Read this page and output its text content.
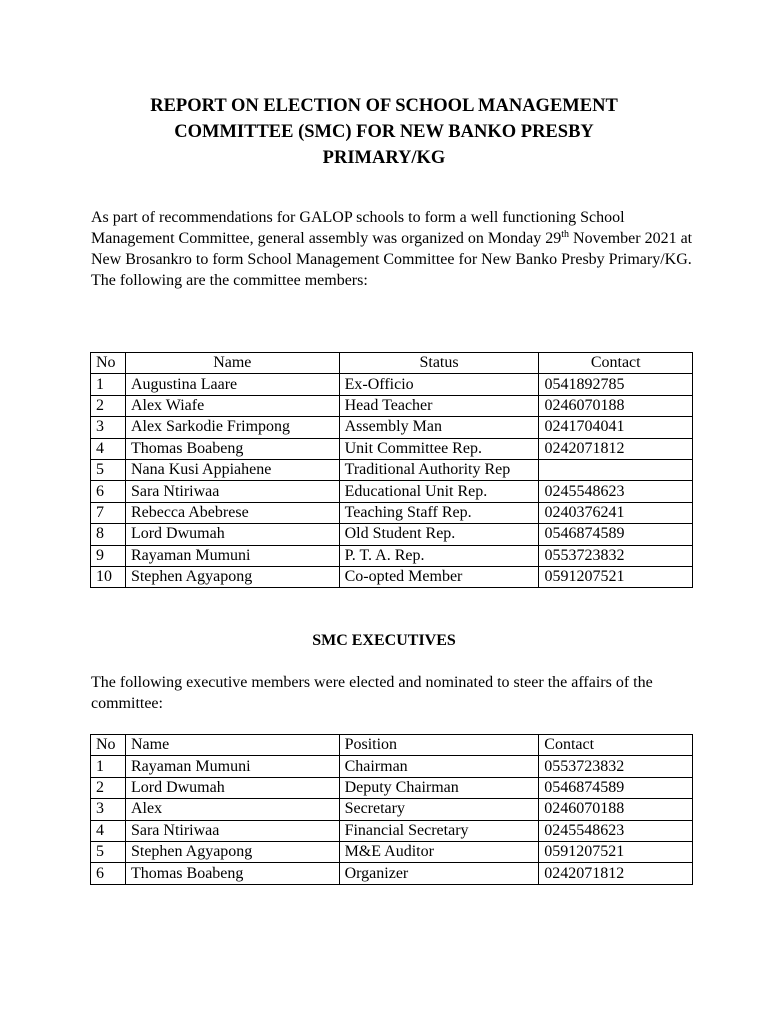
REPORT ON ELECTION OF SCHOOL MANAGEMENT
COMMITTEE (SMC) FOR NEW BANKO PRESBY
PRIMARY/KG

As part of recommendations for GALOP schools to form a well functioning School Management Committee, general assembly was organized on Monday 29th November 2021 at New Brosankro to form School Management Committee for New Banko Presby Primary/KG.

The following are the committee members:

No	Name	Status	Contact
1	Augustina Laare	Ex-Officio	0541892785
2	Alex Wiafe	Head Teacher	0246070188
3	Alex Sarkodie Frimpong	Assembly Man	0241704041
4	Thomas Boabeng	Unit Committee Rep.	0242071812
5	Nana Kusi Appiahene	Traditional Authority Rep	
6	Sara Ntiriwaa	Educational Unit Rep.	0245548623
7	Rebecca Abebrese	Teaching Staff Rep.	0240376241
8	Lord Dwumah	Old Student Rep.	0546874589
9	Rayaman Mumuni	P. T. A. Rep.	0553723832
10	Stephen Agyapong	Co-opted Member	0591207521
SMC EXECUTIVES

The following executive members were elected and nominated to steer the affairs of the committee:

No	Name	Position	Contact
1	Rayaman Mumuni	Chairman	0553723832
2	Lord Dwumah	Deputy Chairman	0546874589
3	Alex	Secretary	0246070188
4	Sara Ntiriwaa	Financial Secretary	0245548623
5	Stephen Agyapong	M&E Auditor	0591207521
6	Thomas Boabeng	Organizer	0242071812
